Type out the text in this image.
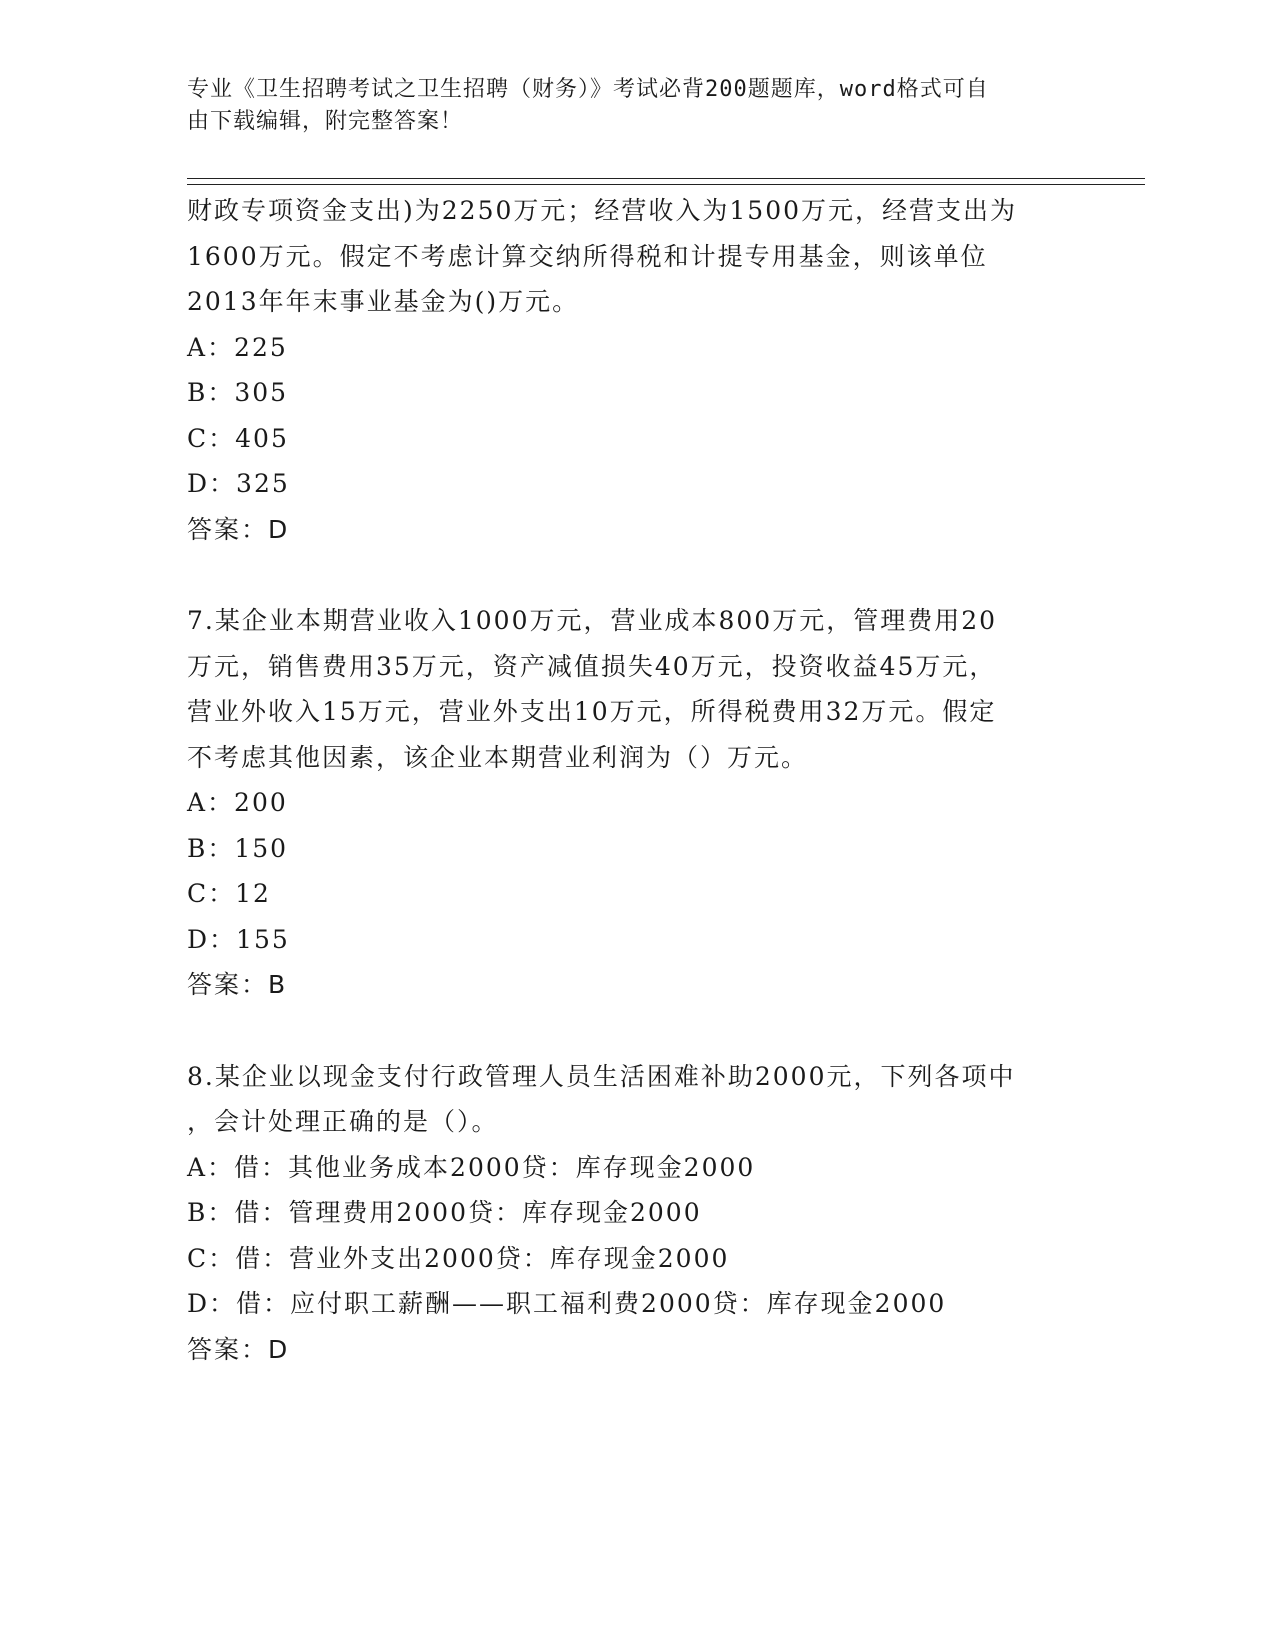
专业《卫生招聘考试之卫生招聘（财务）》考试必背200题题库，word格式可自
由下载编辑，附完整答案！

财政专项资金支出)为2250万元；经营收入为1500万元，经营支出为

1600万元。假定不考虑计算交纳所得税和计提专用基金，则该单位

2013年年末事业基金为()万元。

A：225

B：305

C：405

D：325

答案：D

7.某企业本期营业收入1000万元，营业成本800万元，管理费用20

万元，销售费用35万元，资产减值损失40万元，投资收益45万元，

营业外收入15万元，营业外支出10万元，所得税费用32万元。假定

不考虑其他因素，该企业本期营业利润为（）万元。

A：200

B：150

C：12

D：155

答案：B

8.某企业以现金支付行政管理人员生活困难补助2000元，下列各项中

，会计处理正确的是（）。

A：借：其他业务成本2000贷：库存现金2000

B：借：管理费用2000贷：库存现金2000

C：借：营业外支出2000贷：库存现金2000

D：借：应付职工薪酬——职工福利费2000贷：库存现金2000

答案：D
